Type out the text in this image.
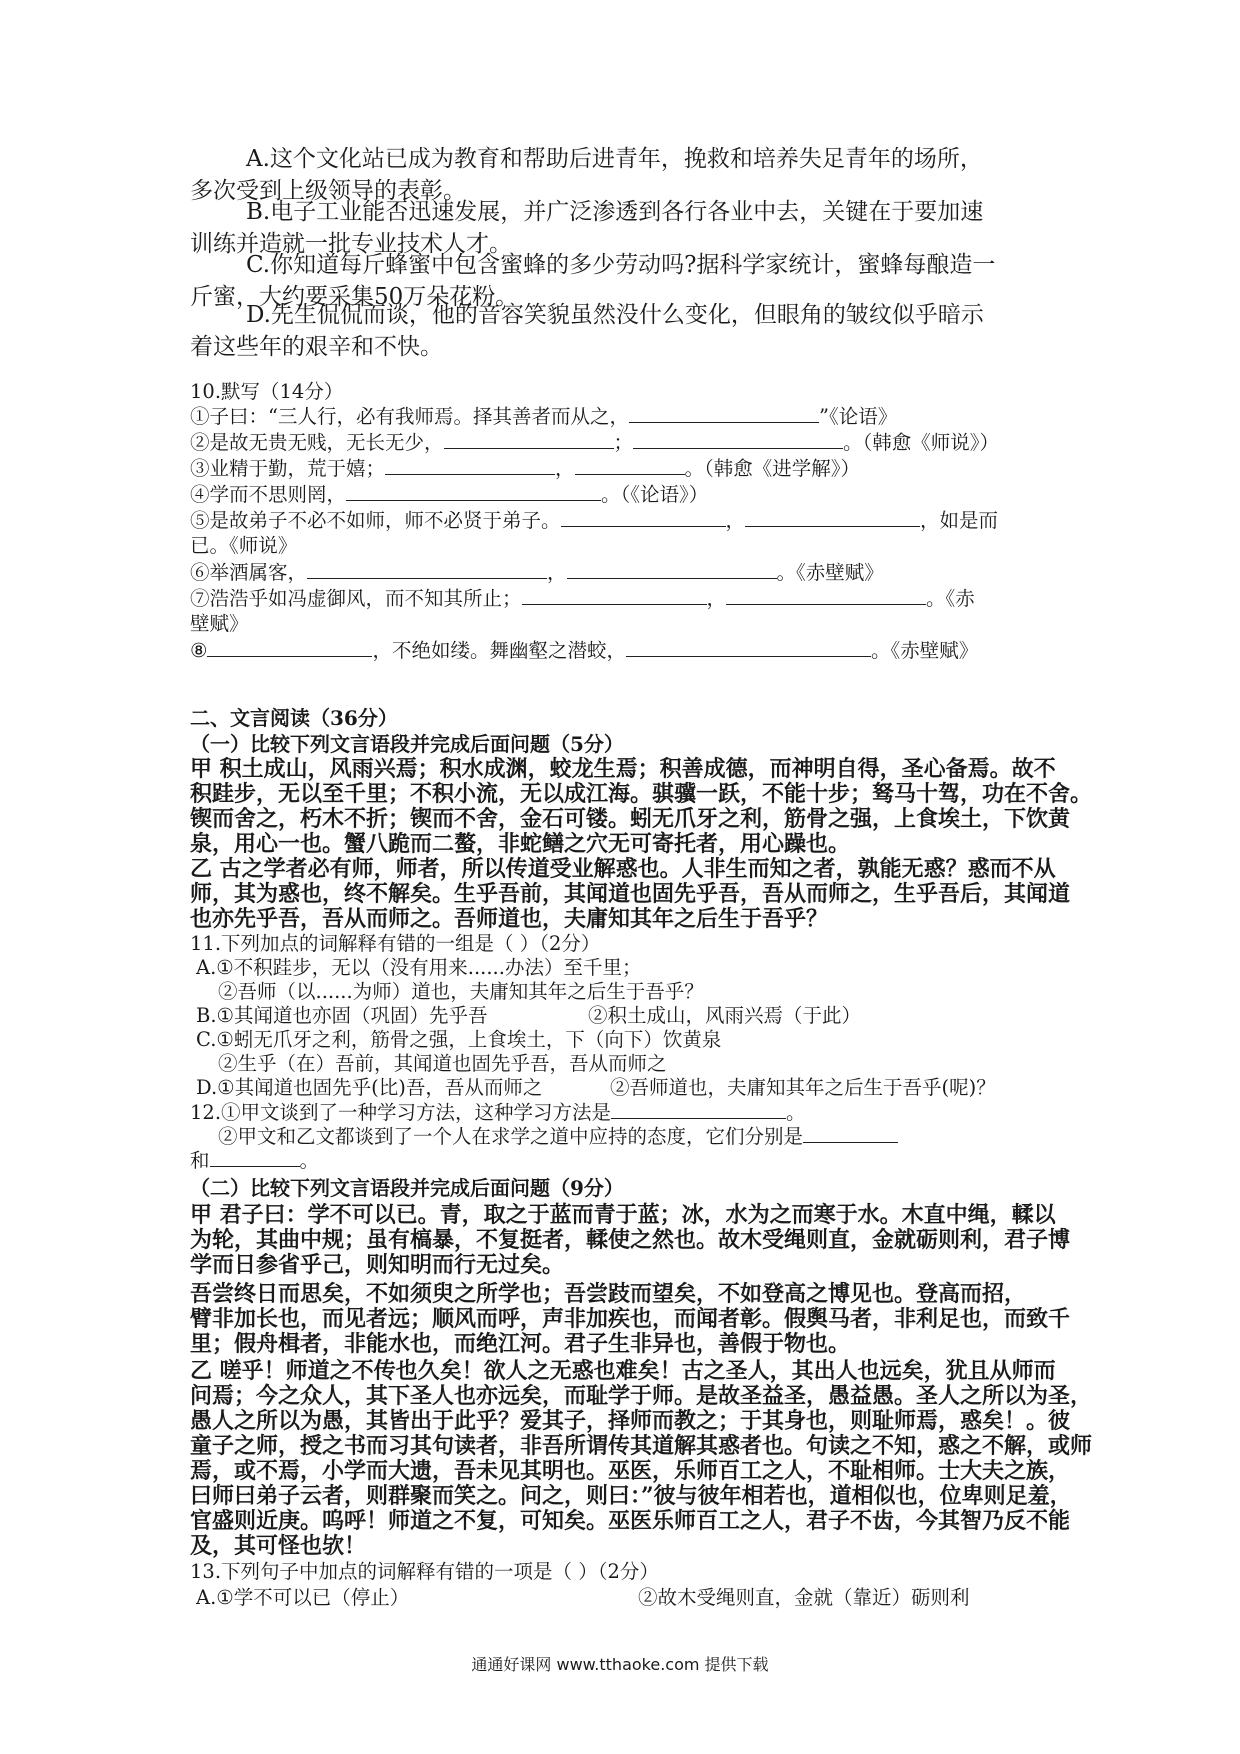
A.这个文化站已成为教育和帮助后进青年，挽救和培养失足青年的场所，
多次受到上级领导的表彰。
B.电子工业能否迅速发展，并广泛渗透到各行各业中去，关键在于要加速
训练并造就一批专业技术人才。
C.你知道每斤蜂蜜中包含蜜蜂的多少劳动吗?据科学家统计，蜜蜂每酿造一
斤蜜，大约要采集50万朵花粉。
D.先生侃侃而谈，他的音容笑貌虽然没什么变化，但眼角的皱纹似乎暗示
着这些年的艰辛和不快。
10.默写（14分）
①子曰：“三人行，必有我师焉。择其善者而从之，	”《论语》
②是故无贵无贱，无长无少，	；	。（韩愈《师说》）
③业精于勤，荒于嬉；	，	。（韩愈《进学解》）
④学而不思则罔，	。（《论语》）
⑤是故弟子不必不如师，师不必贤于弟子。	，	，如是而
已。《师说》
⑥举酒属客，	，	。《赤壁赋》
⑦浩浩乎如冯虚御风，而不知其所止；	，	。《赤
壁赋》
⑧	，不绝如缕。舞幽壑之潜蛟，	。《赤壁赋》
二、文言阅读（36分）
（一）比较下列文言语段并完成后面问题（5分）
甲 积土成山，风雨兴焉；积水成渊，蛟龙生焉；积善成德，而神明自得，圣心备焉。故不
积跬步，无以至千里；不积小流，无以成江海。骐骥一跃，不能十步；驽马十驾，功在不舍。
锲而舍之，朽木不折；锲而不舍，金石可镂。蚓无爪牙之利，筋骨之强，上食埃土，下饮黄
泉，用心一也。蟹八跪而二螯，非蛇鳝之穴无可寄托者，用心躁也。
乙 古之学者必有师，师者，所以传道受业解惑也。人非生而知之者，孰能无惑？惑而不从
师，其为惑也，终不解矣。生乎吾前，其闻道也固先乎吾，吾从而师之，生乎吾后，其闻道
也亦先乎吾，吾从而师之。吾师道也，夫庸知其年之后生于吾乎？
11.下列加点的词解释有错的一组是（ ）（2分）
A.①不积跬步，无以（没有用来......办法）至千里；
②吾师（以......为师）道也，夫庸知其年之后生于吾乎？
B.①其闻道也亦固（巩固）先乎吾	②积土成山，风雨兴焉（于此）
C.①蚓无爪牙之利，筋骨之强，上食埃土，下（向下）饮黄泉
②生乎（在）吾前，其闻道也固先乎吾，吾从而师之
D.①其闻道也固先乎(比)吾，吾从而师之	②吾师道也，夫庸知其年之后生于吾乎(呢)？
12.①甲文谈到了一种学习方法，这种学习方法是	。
②甲文和乙文都谈到了一个人在求学之道中应持的态度，它们分别是
和	。
（二）比较下列文言语段并完成后面问题（9分）
甲 君子曰：学不可以已。青，取之于蓝而青于蓝；冰，水为之而寒于水。木直中绳，輮以
为轮，其曲中规；虽有槁暴，不复挺者，輮使之然也。故木受绳则直，金就砺则利，君子博
学而日参省乎己，则知明而行无过矣。
吾尝终日而思矣，不如须臾之所学也；吾尝跂而望矣，不如登高之博见也。登高而招，
臂非加长也，而见者远；顺风而呼，声非加疾也，而闻者彰。假舆马者，非利足也，而致千
里；假舟楫者，非能水也，而绝江河。君子生非异也，善假于物也。
乙 嗟乎！师道之不传也久矣！欲人之无惑也难矣！古之圣人，其出人也远矣，犹且从师而
问焉；今之众人，其下圣人也亦远矣，而耻学于师。是故圣益圣，愚益愚。圣人之所以为圣，
愚人之所以为愚，其皆出于此乎？爱其子，择师而教之；于其身也，则耻师焉，惑矣！。彼
童子之师，授之书而习其句读者，非吾所谓传其道解其惑者也。句读之不知，惑之不解，或师
焉，或不焉，小学而大遗，吾未见其明也。巫医，乐师百工之人，不耻相师。士大夫之族，
曰师曰弟子云者，则群聚而笑之。问之，则曰：”彼与彼年相若也，道相似也，位卑则足羞，
官盛则近庚。呜呼！师道之不复，可知矣。巫医乐师百工之人，君子不齿，今其智乃反不能
及，其可怪也欤！
13.下列句子中加点的词解释有错的一项是（ ）（2分）
A.①学不可以已（停止）	②故木受绳则直，金就（靠近）砺则利
通通好课网 www.tthaoke.com 提供下载
